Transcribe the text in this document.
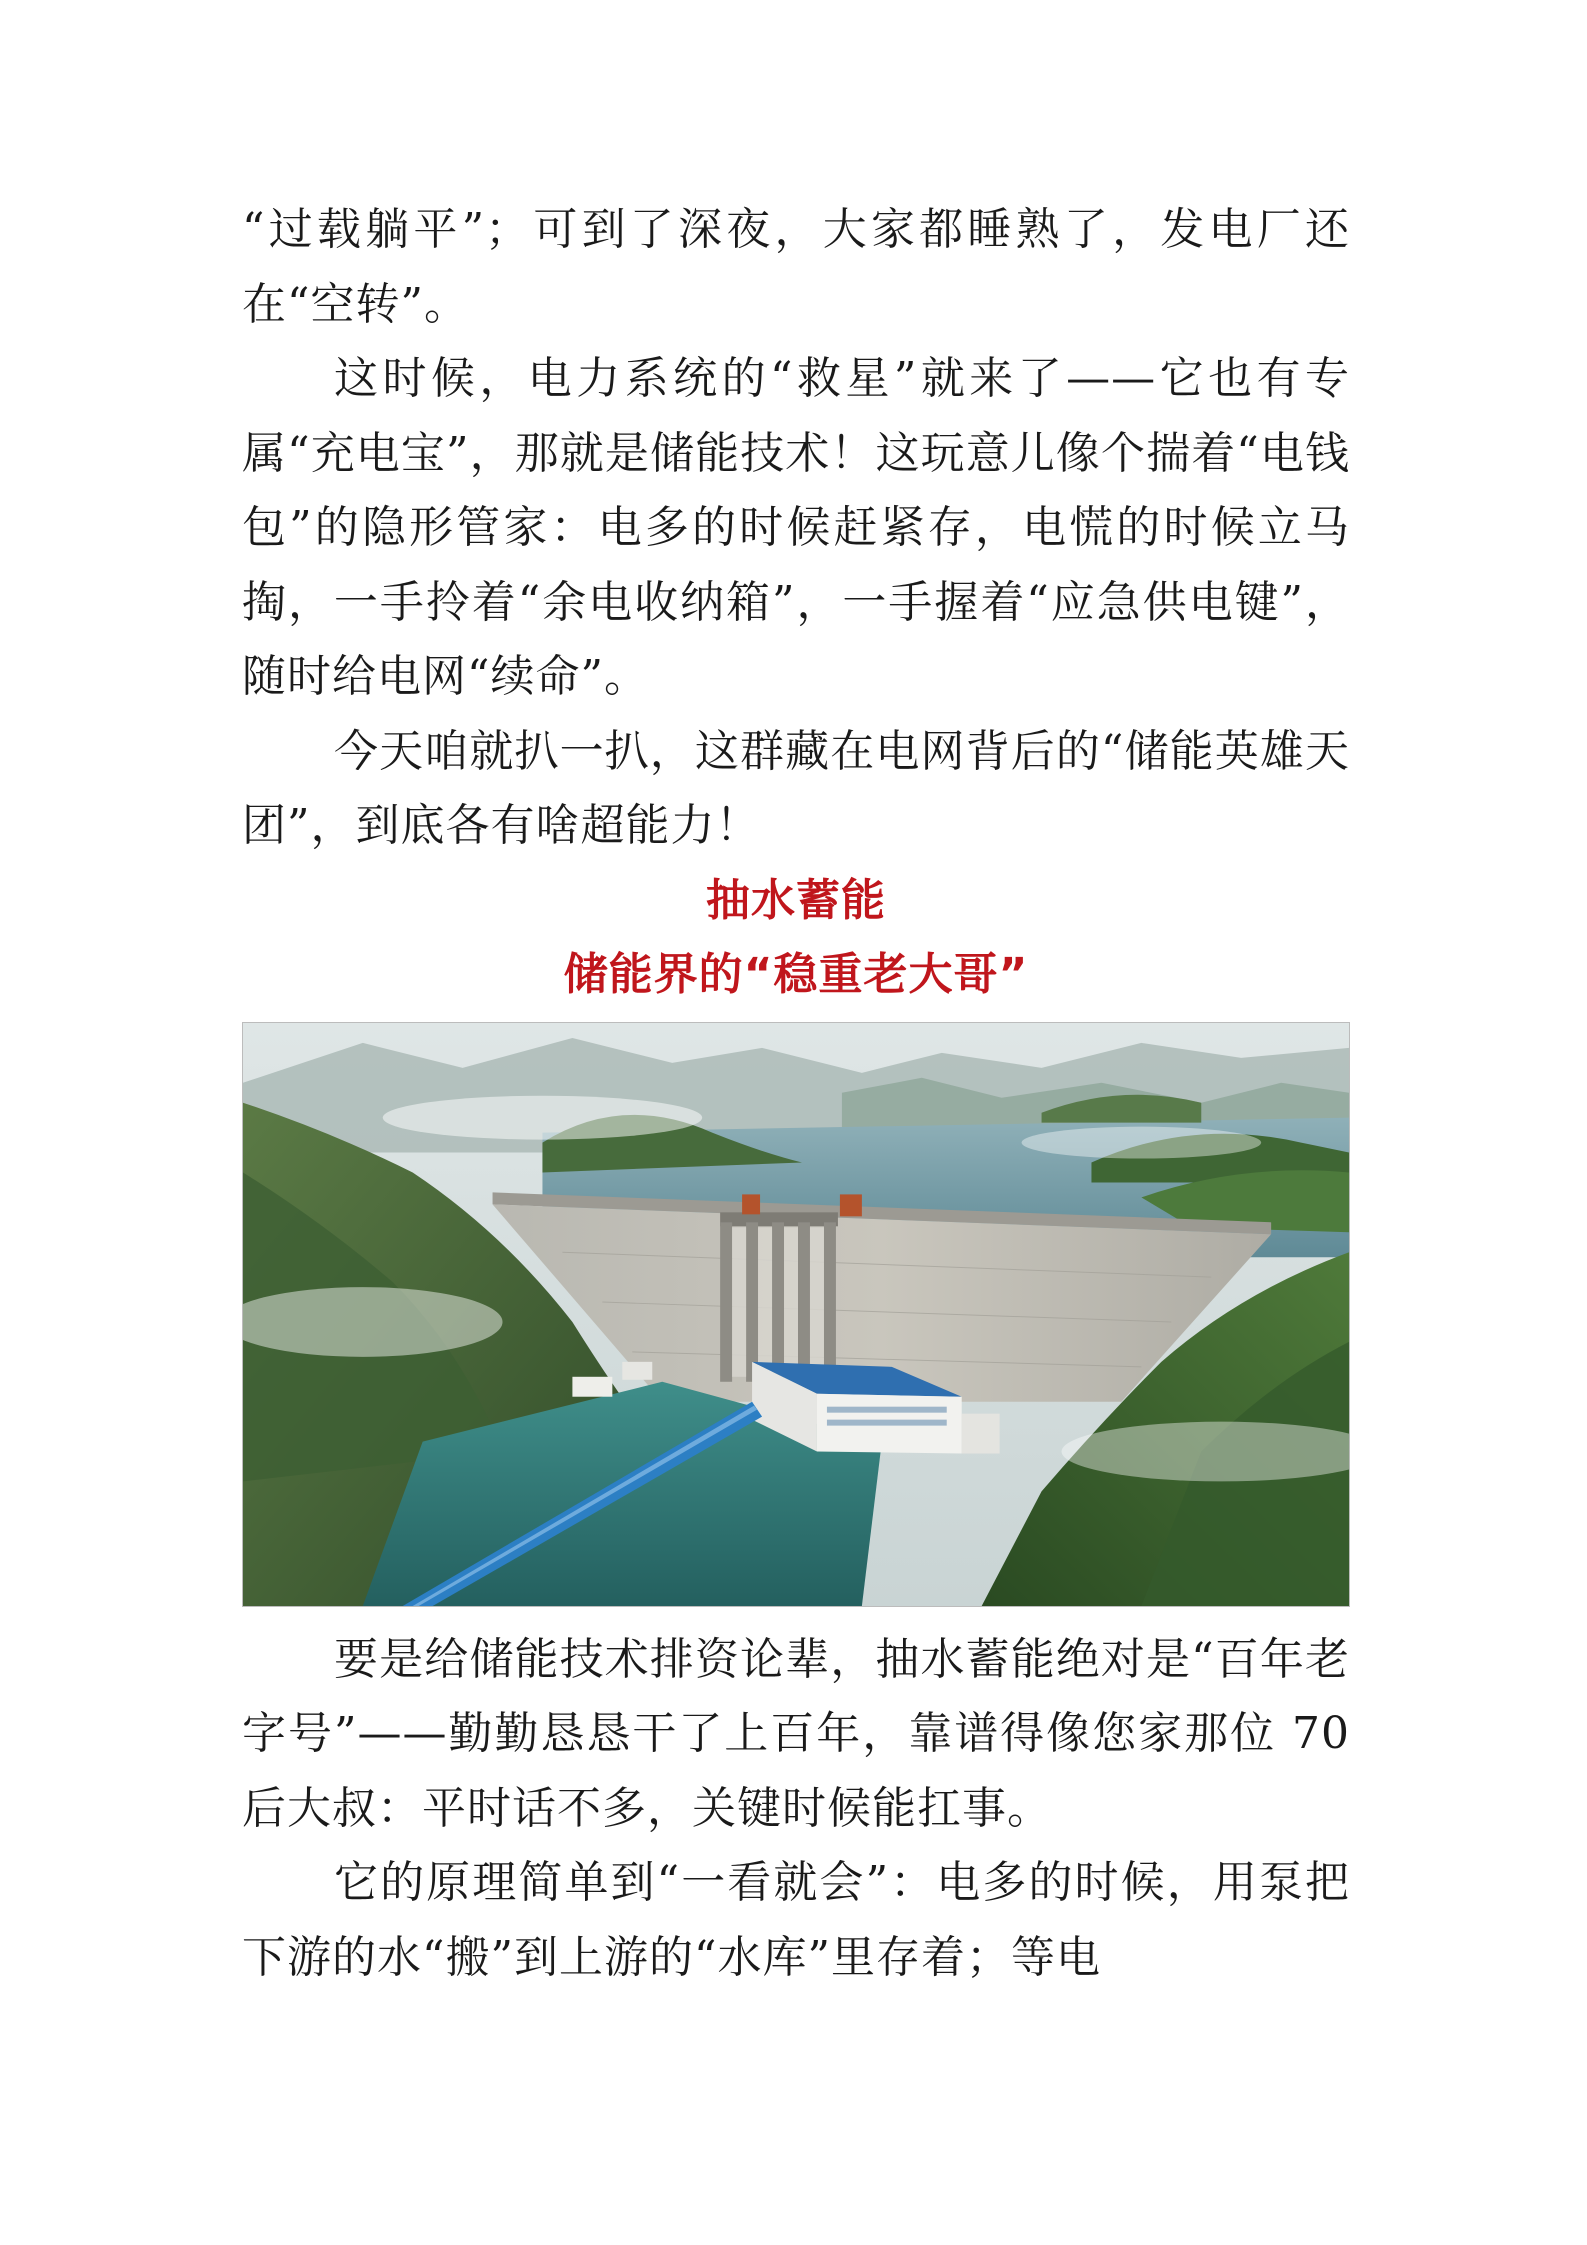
“过载躺平”；可到了深夜，大家都睡熟了，发电厂还在“空转”。

这时候，电力系统的“救星”就来了——它也有专属“充电宝”，那就是储能技术！这玩意儿像个揣着“电钱包”的隐形管家：电多的时候赶紧存，电慌的时候立马掏，一手拎着“余电收纳箱”，一手握着“应急供电键”，随时给电网“续命”。

今天咱就扒一扒，这群藏在电网背后的“储能英雄天团”，到底各有啥超能力！

抽水蓄能
储能界的“稳重老大哥”

要是给储能技术排资论辈，抽水蓄能绝对是“百年老字号”——勤勤恳恳干了上百年，靠谱得像您家那位 70 后大叔：平时话不多，关键时候能扛事。

它的原理简单到“一看就会”：电多的时候，用泵把下游的水“搬”到上游的“水库”里存着；等电
